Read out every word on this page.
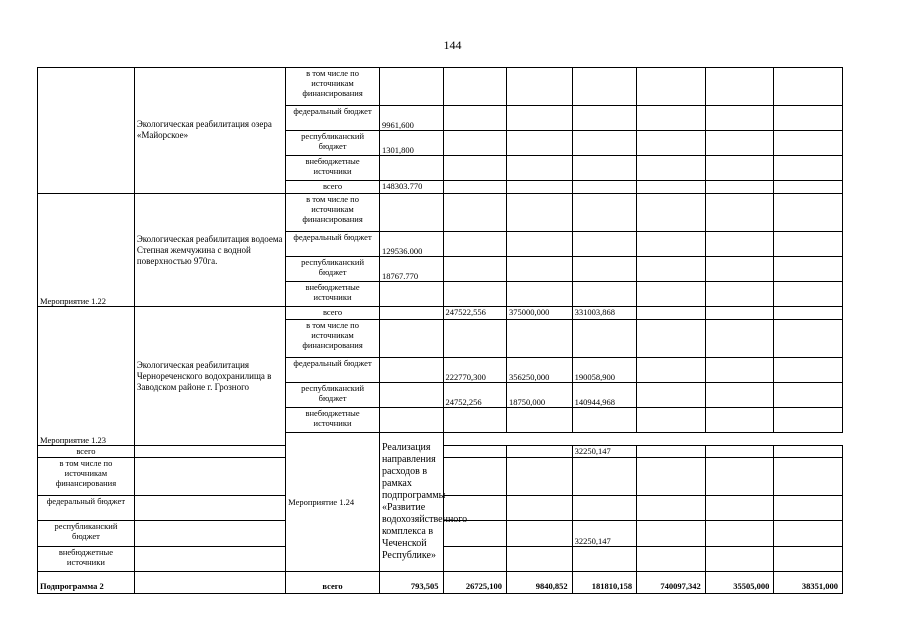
144
	Экологическая реабилитация озера «Майорское»	в том числе по источникам финансирования							
		федеральный бюджет	9961,600						
		республиканский бюджет	1301,800						
		внебюджетные источники							
		всего	148303.770						
Мероприятие 1.22	Экологическая реабилитация водоема Степная жемчужина с водной поверхностью 970га.	в том числе по источникам финансирования							
		федеральный бюджет	129536.000						
		республиканский бюджет	18767.770						
		внебюджетные источники							
Мероприятие 1.23	Экологическая реабилитация Чернореченского водохранилища в Заводском районе г. Грозного	всего		247522,556	375000,000	331003,868			
		в том числе по источникам финансирования							
		федеральный бюджет		222770,300	356250,000	190058,900			
		республиканский бюджет		24752,256	18750,000	140944,968			
		внебюджетные источники							
		Мероприятие 1.24	Реализация направления расходов в рамках подпрограммы «Развитие водохозяйственного комплекса в Чеченской Республике»						
всего						32250,147			
в том числе по источникам финансирования									
федеральный бюджет									
республиканский бюджет						32250,147			
внебюджетные источники									
Подпрограмма 2		всего	793,505	26725,100	9840,852	181810,158	740097,342	35505,000	38351,000
